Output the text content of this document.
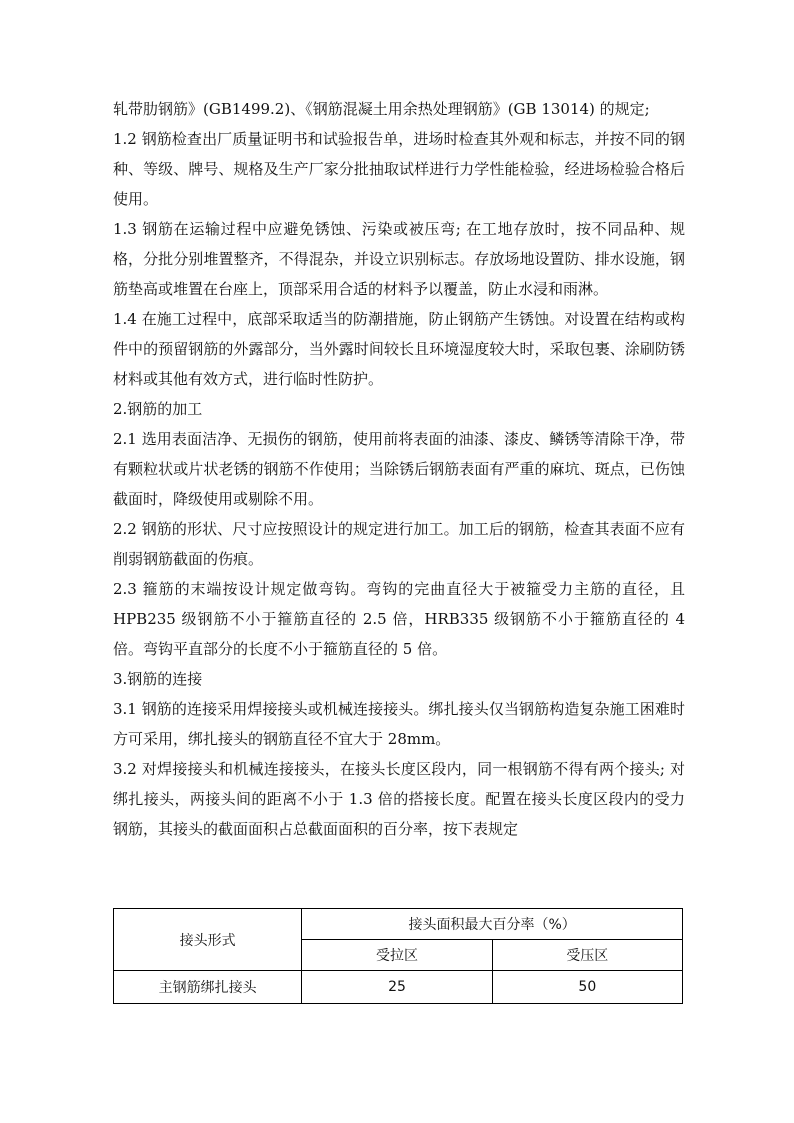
轧带肋钢筋》(GB1499.2)、《钢筋混凝土用余热处理钢筋》(GB 13014) 的规定;

1.2 钢筋检查出厂质量证明书和试验报告单，进场时检查其外观和标志，并按不同的钢种、等级、牌号、规格及生产厂家分批抽取试样进行力学性能检验，经进场检验合格后使用。

1.3 钢筋在运输过程中应避免锈蚀、污染或被压弯; 在工地存放时，按不同品种、规格，分批分别堆置整齐，不得混杂，并设立识别标志。存放场地设置防、排水设施，钢筋垫高或堆置在台座上，顶部采用合适的材料予以覆盖，防止水浸和雨淋。

1.4 在施工过程中，底部采取适当的防潮措施，防止钢筋产生锈蚀。对设置在结构或构件中的预留钢筋的外露部分，当外露时间较长且环境湿度较大时，采取包裹、涂刷防锈材料或其他有效方式，进行临时性防护。

2.钢筋的加工

2.1 选用表面洁净、无损伤的钢筋，使用前将表面的油漆、漆皮、鳞锈等清除干净，带有颗粒状或片状老锈的钢筋不作使用；当除锈后钢筋表面有严重的麻坑、斑点，已伤蚀截面时，降级使用或剔除不用。

2.2 钢筋的形状、尺寸应按照设计的规定进行加工。加工后的钢筋，检查其表面不应有削弱钢筋截面的伤痕。

2.3 箍筋的末端按设计规定做弯钩。弯钩的完曲直径大于被箍受力主筋的直径，且 HPB235 级钢筋不小于箍筋直径的 2.5 倍，HRB335 级钢筋不小于箍筋直径的 4 倍。弯钩平直部分的长度不小于箍筋直径的 5 倍。

3.钢筋的连接

3.1 钢筋的连接采用焊接接头或机械连接接头。绑扎接头仅当钢筋构造复杂施工困难时方可采用，绑扎接头的钢筋直径不宜大于 28mm。

3.2 对焊接接头和机械连接接头，在接头长度区段内，同一根钢筋不得有两个接头; 对绑扎接头，两接头间的距离不小于 1.3 倍的搭接长度。配置在接头长度区段内的受力钢筋，其接头的截面面积占总截面面积的百分率，按下表规定

接头形式	接头面积最大百分率（%）	
	受拉区	受压区
主钢筋绑扎接头	25	50
